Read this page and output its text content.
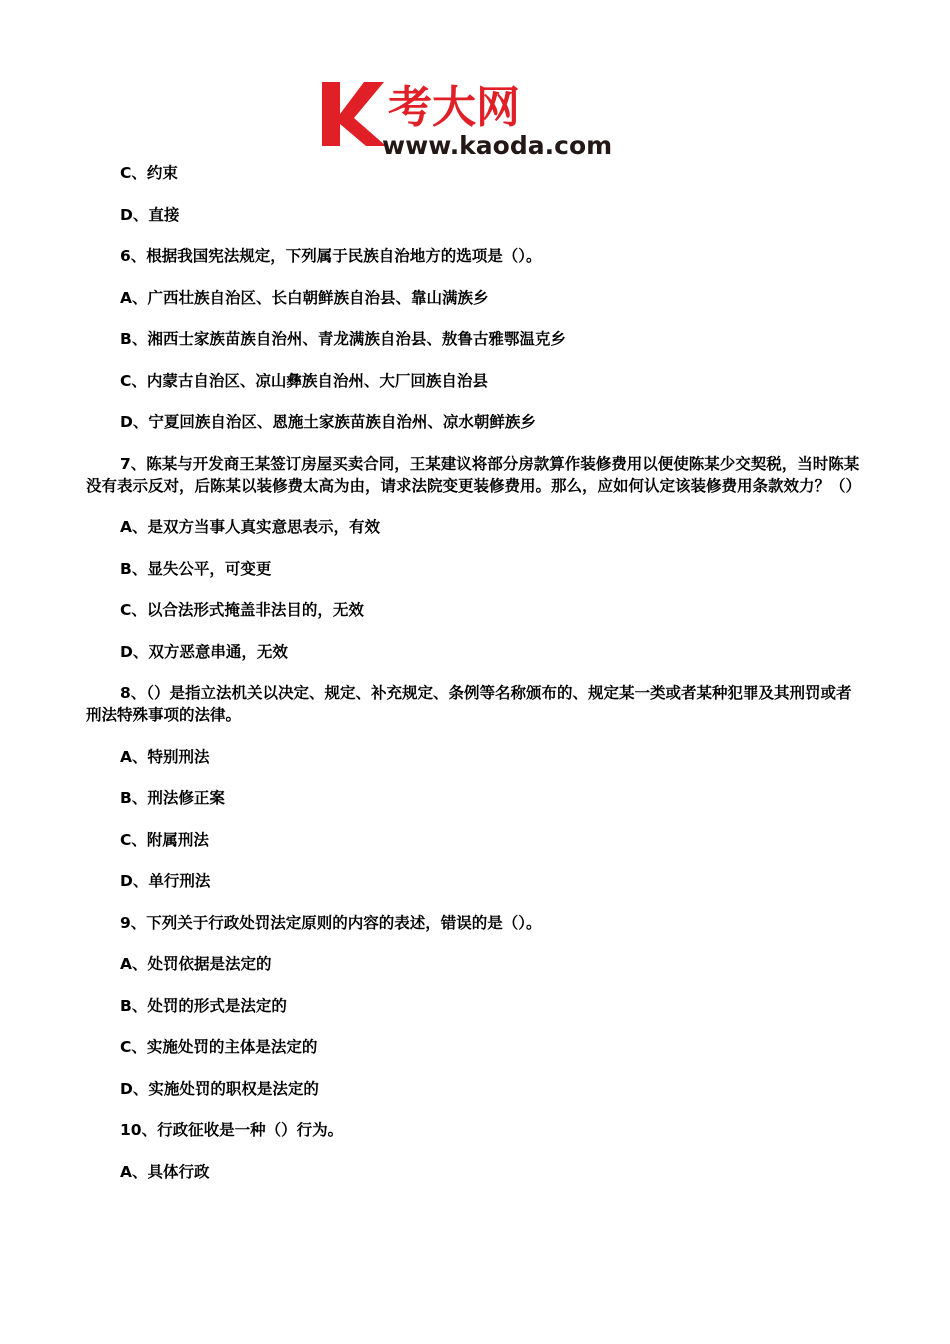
考大网
www.kaoda.com
C、约束
D、直接
6、根据我国宪法规定，下列属于民族自治地方的选项是（）。
A、广西壮族自治区、长白朝鲜族自治县、靠山满族乡
B、湘西士家族苗族自治州、青龙满族自治县、敖鲁古雅鄂温克乡
C、内蒙古自治区、凉山彝族自治州、大厂回族自治县
D、宁夏回族自治区、恩施土家族苗族自治州、凉水朝鲜族乡
7、陈某与开发商王某签订房屋买卖合同，王某建议将部分房款算作装修费用以便使陈某少交契税，当时陈某没有表示反对，后陈某以装修费太高为由，请求法院变更装修费用。那么，应如何认定该装修费用条款效力？（）
A、是双方当事人真实意思表示，有效
B、显失公平，可变更
C、以合法形式掩盖非法目的，无效
D、双方恶意串通，无效
8、（）是指立法机关以决定、规定、补充规定、条例等名称颁布的、规定某一类或者某种犯罪及其刑罚或者刑法特殊事项的法律。
A、特别刑法
B、刑法修正案
C、附属刑法
D、单行刑法
9、下列关于行政处罚法定原则的内容的表述，错误的是（）。
A、处罚依据是法定的
B、处罚的形式是法定的
C、实施处罚的主体是法定的
D、实施处罚的职权是法定的
10、行政征收是一种（）行为。
A、具体行政
